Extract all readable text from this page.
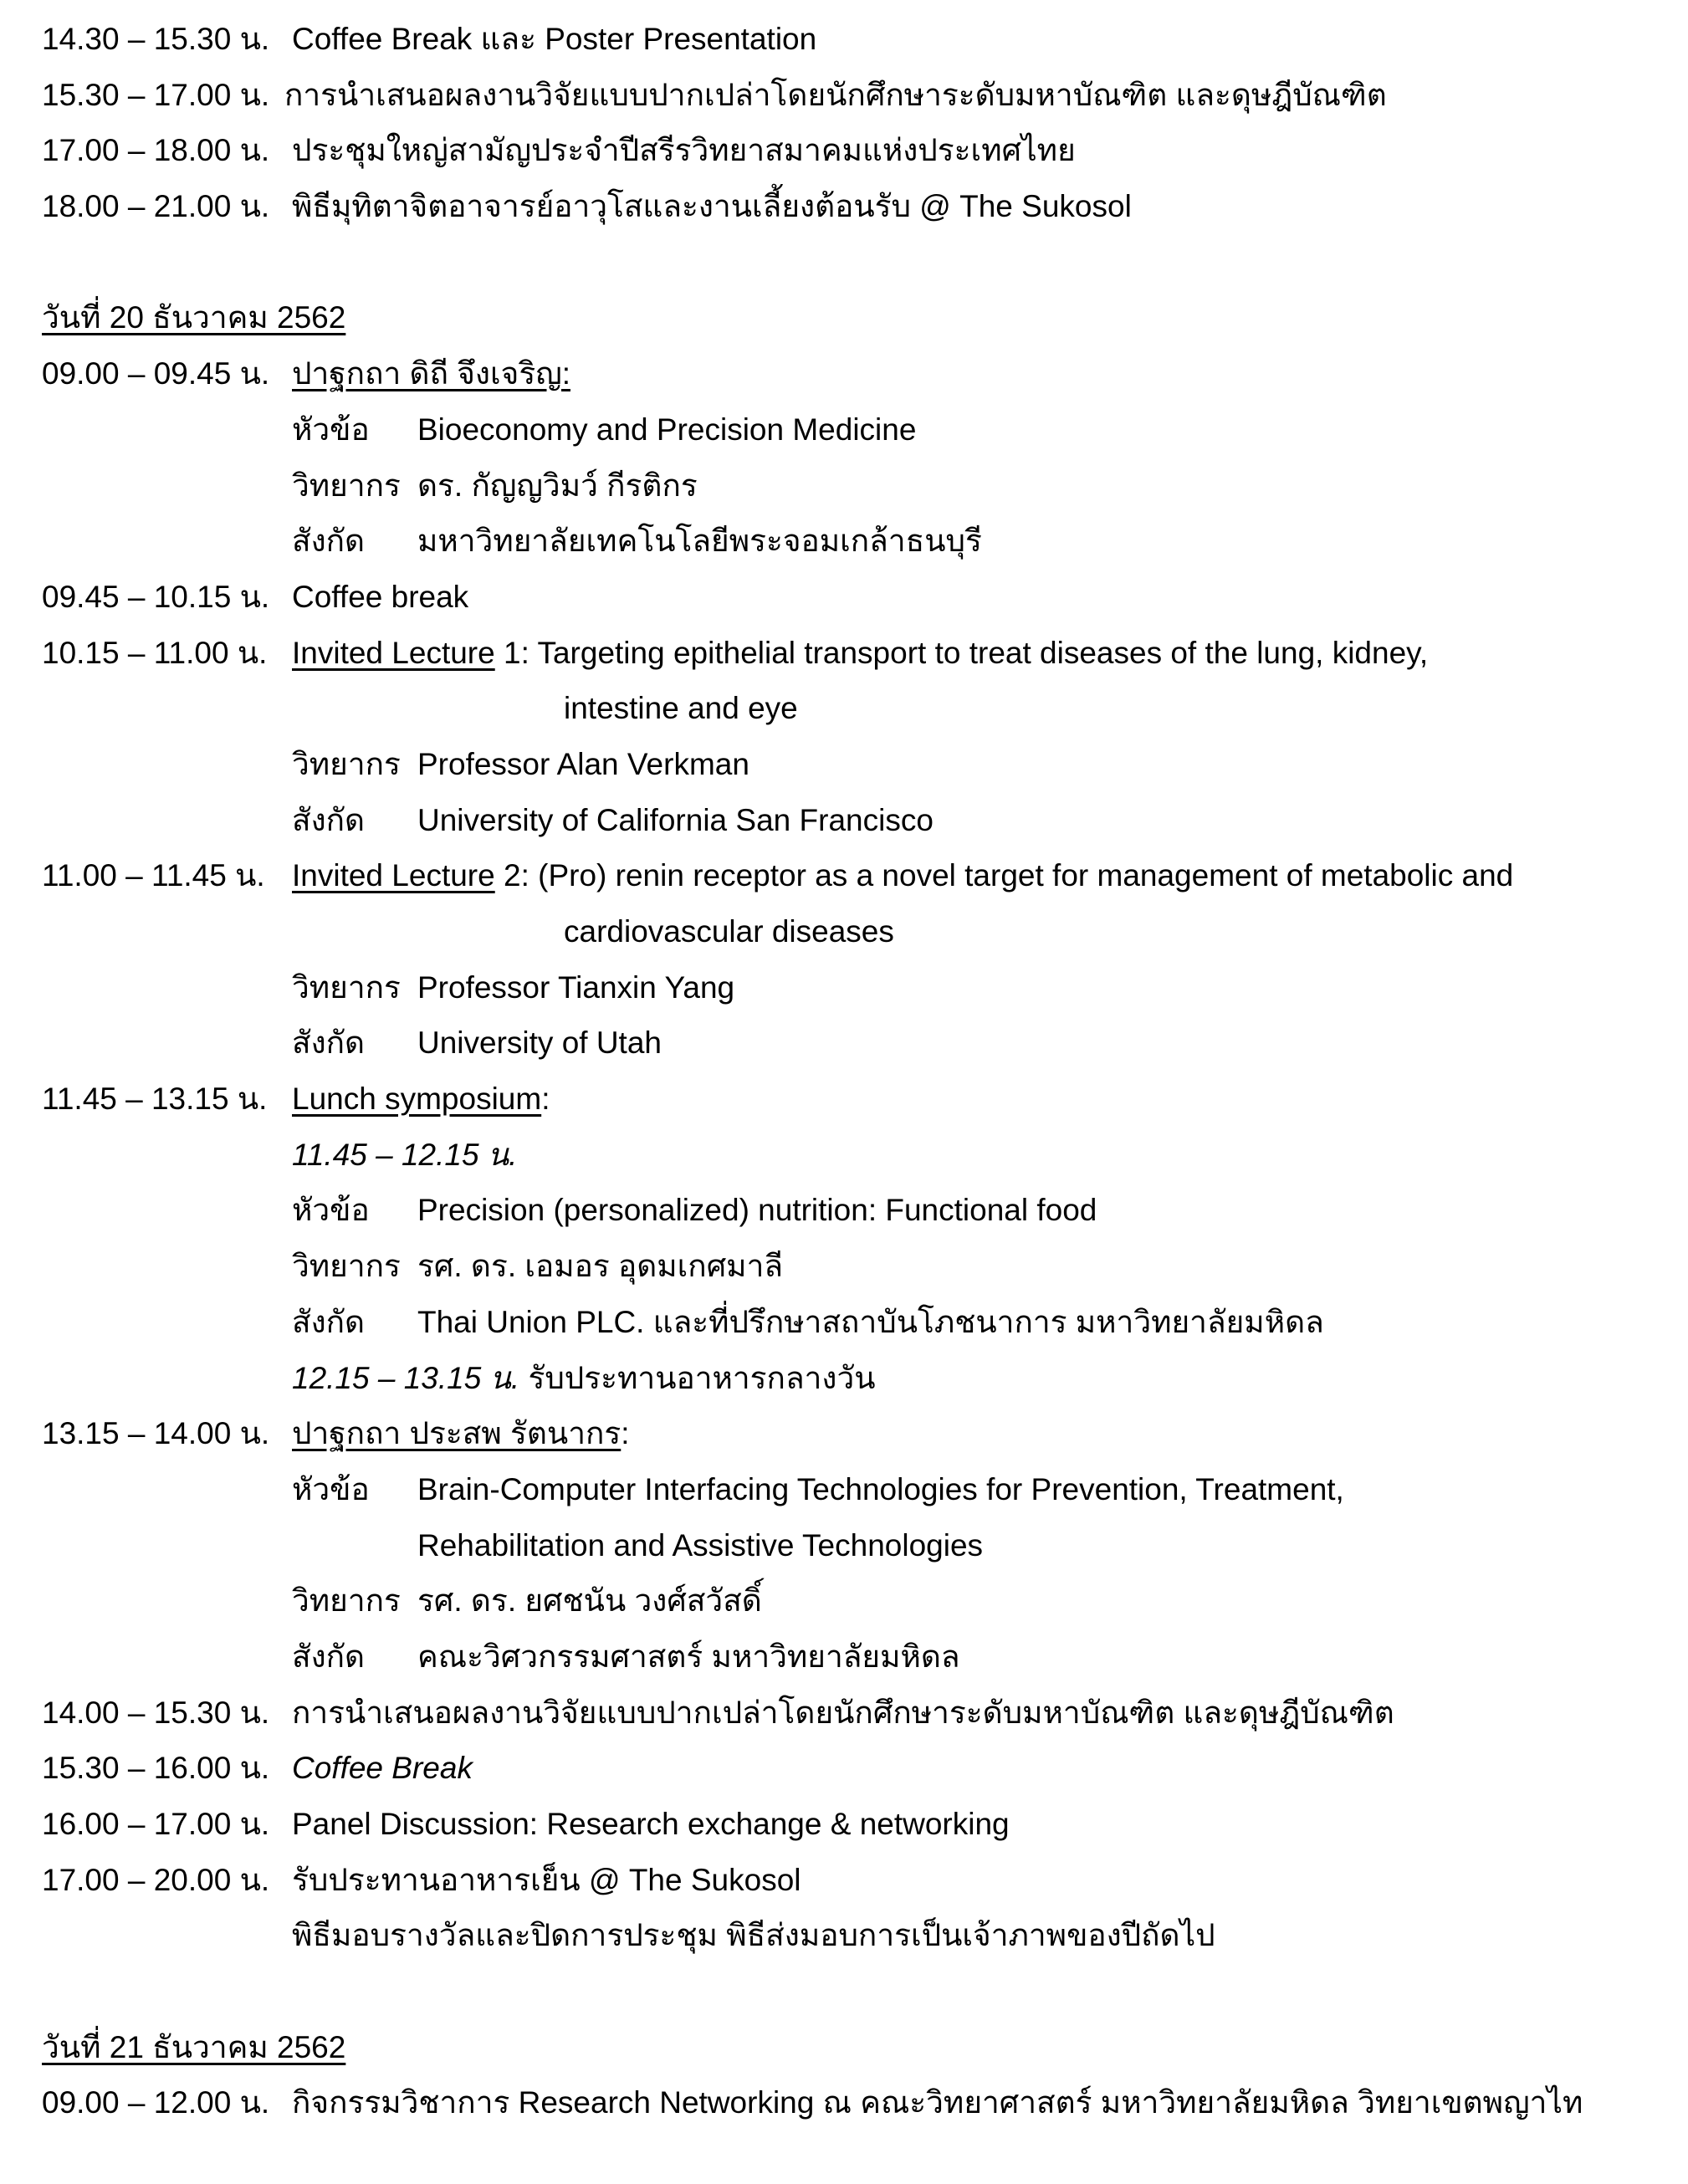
14.30 – 15.30 น. Coffee Break และ Poster Presentation
15.30 – 17.00 น. การนำเสนอผลงานวิจัยแบบปากเปล่าโดยนักศึกษาระดับมหาบัณฑิต และดุษฎีบัณฑิต
17.00 – 18.00 น. ประชุมใหญ่สามัญประจำปีสรีรวิทยาสมาคมแห่งประเทศไทย
18.00 – 21.00 น. พิธีมุทิตาจิตอาจารย์อาวุโสและงานเลี้ยงต้อนรับ @ The Sukosol
วันที่ 20 ธันวาคม 2562
09.00 – 09.45 น. ปาฐกถา ดิถี จึงเจริญ:
หัวข้อ Bioeconomy and Precision Medicine
วิทยากร ดร. กัญญวิมว์ กีรติกร
สังกัด มหาวิทยาลัยเทคโนโลยีพระจอมเกล้าธนบุรี
09.45 – 10.15 น. Coffee break
10.15 – 11.00 น. Invited Lecture 1: Targeting epithelial transport to treat diseases of the lung, kidney,
intestine and eye
วิทยากร Professor Alan Verkman
สังกัด University of California San Francisco
11.00 – 11.45 น. Invited Lecture 2: (Pro) renin receptor as a novel target for management of metabolic and
cardiovascular diseases
วิทยากร Professor Tianxin Yang
สังกัด University of Utah
11.45 – 13.15 น. Lunch symposium:
11.45 – 12.15 น.
หัวข้อ Precision (personalized) nutrition: Functional food
วิทยากร รศ. ดร. เอมอร อุดมเกศมาลี
สังกัด Thai Union PLC. และที่ปรึกษาสถาบันโภชนาการ มหาวิทยาลัยมหิดล
12.15 – 13.15 น. รับประทานอาหารกลางวัน
13.15 – 14.00 น. ปาฐกถา ประสพ รัตนากร:
หัวข้อ Brain-Computer Interfacing Technologies for Prevention, Treatment,
Rehabilitation and Assistive Technologies
วิทยากร รศ. ดร. ยศชนัน วงศ์สวัสดิ์
สังกัด คณะวิศวกรรมศาสตร์ มหาวิทยาลัยมหิดล
14.00 – 15.30 น. การนำเสนอผลงานวิจัยแบบปากเปล่าโดยนักศึกษาระดับมหาบัณฑิต และดุษฎีบัณฑิต
15.30 – 16.00 น. Coffee Break
16.00 – 17.00 น. Panel Discussion: Research exchange & networking
17.00 – 20.00 น. รับประทานอาหารเย็น @ The Sukosol
พิธีมอบรางวัลและปิดการประชุม พิธีส่งมอบการเป็นเจ้าภาพของปีถัดไป
วันที่ 21 ธันวาคม 2562
09.00 – 12.00 น. กิจกรรมวิชาการ Research Networking ณ คณะวิทยาศาสตร์ มหาวิทยาลัยมหิดล วิทยาเขตพญาไท
